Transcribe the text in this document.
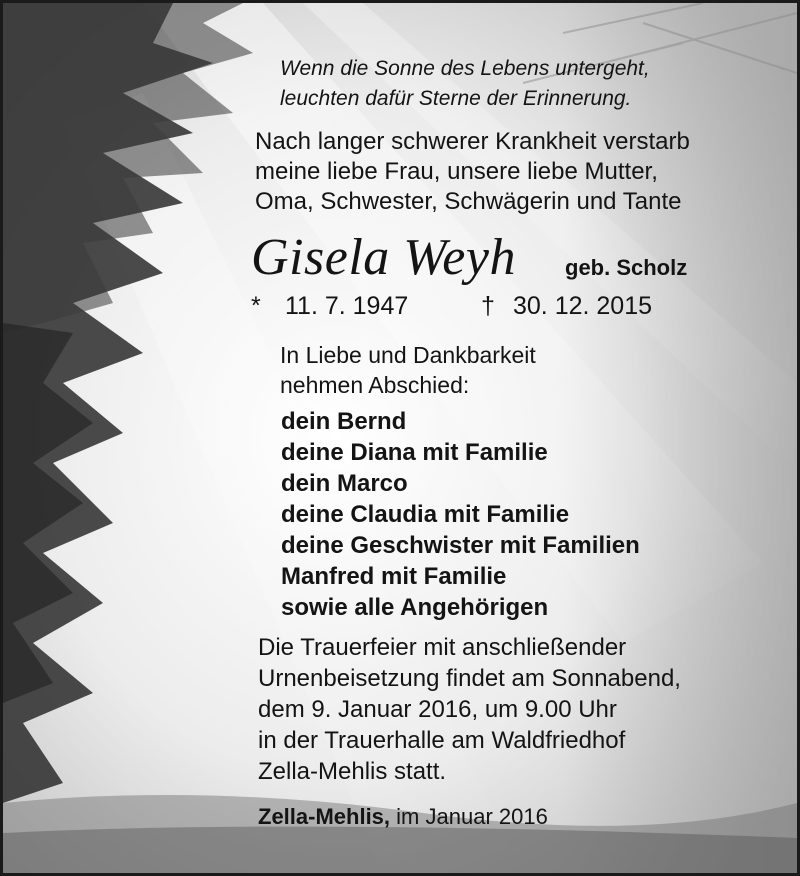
Wenn die Sonne des Lebens untergeht,
leuchten dafür Sterne der Erinnerung.
Nach langer schwerer Krankheit verstarb
meine liebe Frau, unsere liebe Mutter,
Oma, Schwester, Schwägerin und Tante
Gisela Weyh geb. Scholz
* 11. 7. 1947	† 30. 12. 2015
In Liebe und Dankbarkeit
nehmen Abschied:
dein Bernd
deine Diana mit Familie
dein Marco
deine Claudia mit Familie
deine Geschwister mit Familien
Manfred mit Familie
sowie alle Angehörigen
Die Trauerfeier mit anschließender
Urnenbeisetzung findet am Sonnabend,
dem 9. Januar 2016, um 9.00 Uhr
in der Trauerhalle am Waldfriedhof
Zella-Mehlis statt.
Zella-Mehlis, im Januar 2016
